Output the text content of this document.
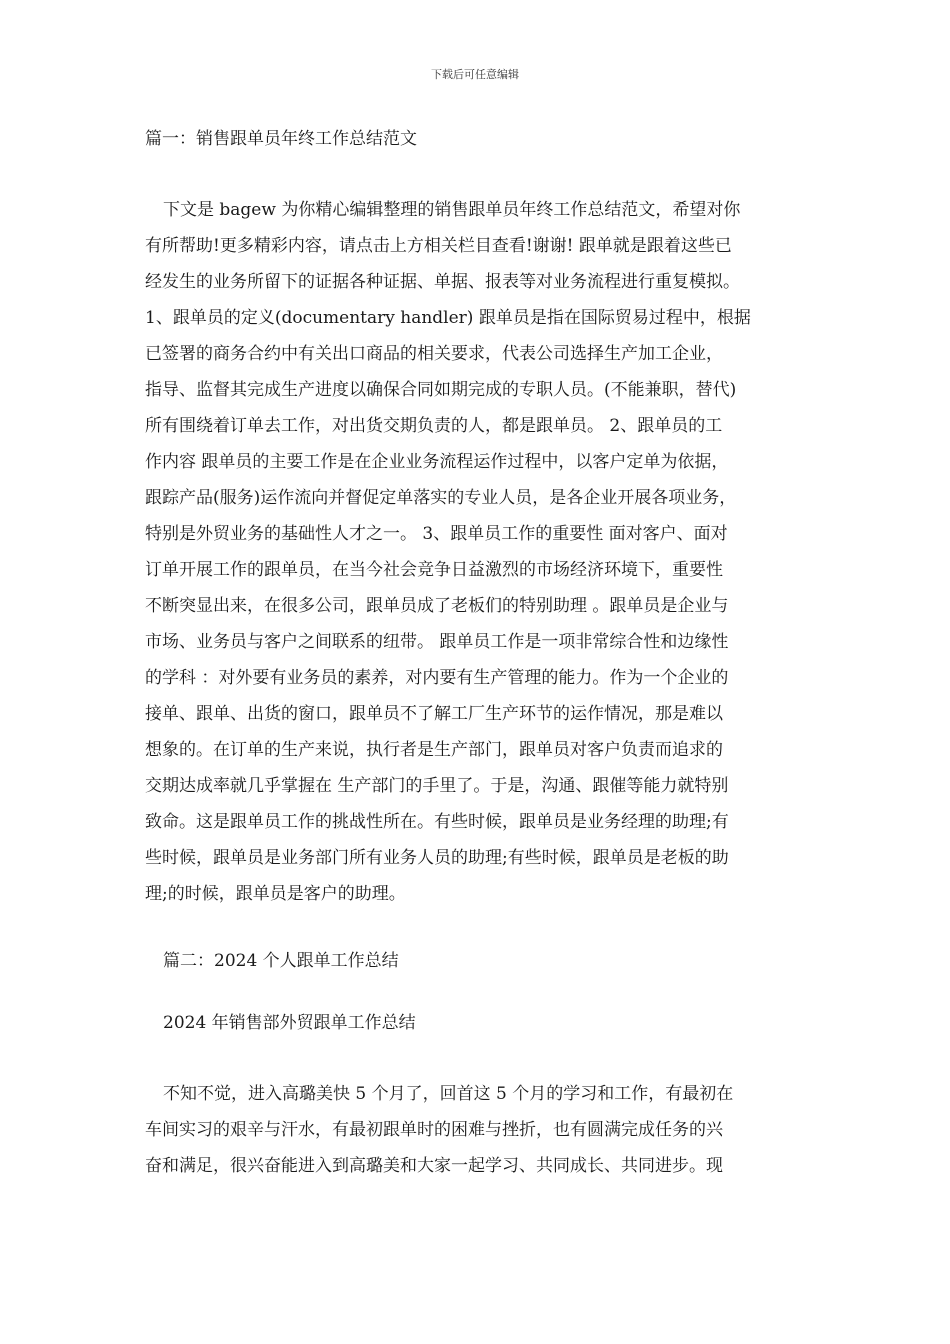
下载后可任意编辑
篇一：销售跟单员年终工作总结范文
下文是 bagew 为你精心编辑整理的销售跟单员年终工作总结范文，希望对你
有所帮助!更多精彩内容，请点击上方相关栏目查看!谢谢! 跟单就是跟着这些已
经发生的业务所留下的证据各种证据、单据、报表等对业务流程进行重复模拟。
1、跟单员的定义(documentary handler) 跟单员是指在国际贸易过程中，根据
已签署的商务合约中有关出口商品的相关要求，代表公司选择生产加工企业，
指导、监督其完成生产进度以确保合同如期完成的专职人员。(不能兼职，替代)
所有围绕着订单去工作，对出货交期负责的人，都是跟单员。 2、跟单员的工
作内容 跟单员的主要工作是在企业业务流程运作过程中，以客户定单为依据，
跟踪产品(服务)运作流向并督促定单落实的专业人员，是各企业开展各项业务，
特别是外贸业务的基础性人才之一。 3、跟单员工作的重要性 面对客户、面对
订单开展工作的跟单员，在当今社会竞争日益激烈的市场经济环境下，重要性
不断突显出来，在很多公司，跟单员成了老板们的特别助理 。跟单员是企业与
市场、业务员与客户之间联系的纽带。 跟单员工作是一项非常综合性和边缘性
的学科 ：对外要有业务员的素养，对内要有生产管理的能力。作为一个企业的
接单、跟单、出货的窗口，跟单员不了解工厂生产环节的运作情况，那是难以
想象的。在订单的生产来说，执行者是生产部门，跟单员对客户负责而追求的
交期达成率就几乎掌握在 生产部门的手里了。于是，沟通、跟催等能力就特别
致命。这是跟单员工作的挑战性所在。有些时候，跟单员是业务经理的助理;有
些时候，跟单员是业务部门所有业务人员的助理;有些时候，跟单员是老板的助
理;的时候，跟单员是客户的助理。
篇二：2024 个人跟单工作总结
2024 年销售部外贸跟单工作总结
不知不觉，进入高璐美快 5 个月了，回首这 5 个月的学习和工作，有最初在
车间实习的艰辛与汗水，有最初跟单时的困难与挫折，也有圆满完成任务的兴
奋和满足，很兴奋能进入到高璐美和大家一起学习、共同成长、共同进步。现
